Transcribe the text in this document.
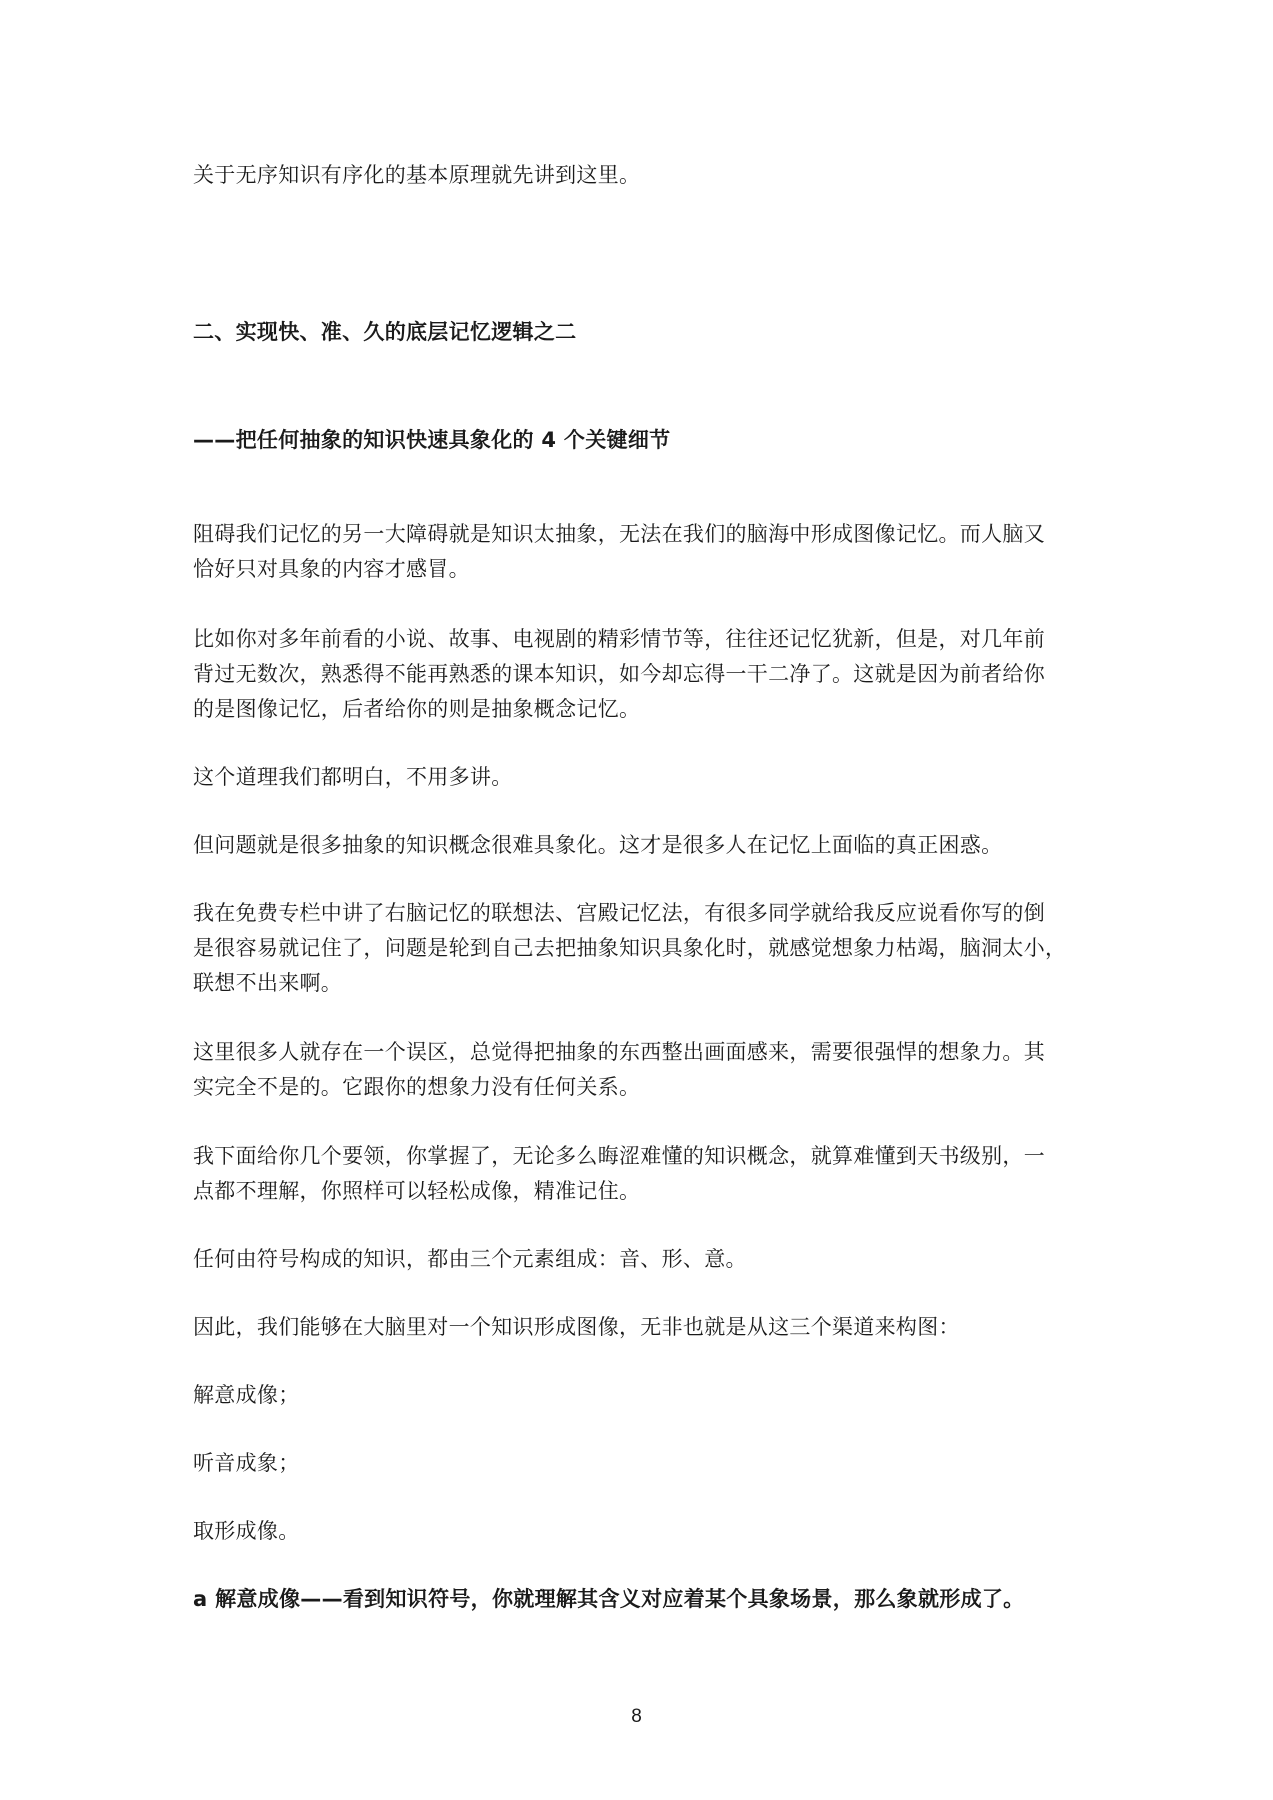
关于无序知识有序化的基本原理就先讲到这里。
二、实现快、准、久的底层记忆逻辑之二
——把任何抽象的知识快速具象化的 4 个关键细节
阻碍我们记忆的另一大障碍就是知识太抽象，无法在我们的脑海中形成图像记忆。而人脑又
恰好只对具象的内容才感冒。
比如你对多年前看的小说、故事、电视剧的精彩情节等，往往还记忆犹新，但是，对几年前
背过无数次，熟悉得不能再熟悉的课本知识，如今却忘得一干二净了。这就是因为前者给你
的是图像记忆，后者给你的则是抽象概念记忆。
这个道理我们都明白，不用多讲。
但问题就是很多抽象的知识概念很难具象化。这才是很多人在记忆上面临的真正困惑。
我在免费专栏中讲了右脑记忆的联想法、宫殿记忆法，有很多同学就给我反应说看你写的倒
是很容易就记住了，问题是轮到自己去把抽象知识具象化时，就感觉想象力枯竭，脑洞太小，
联想不出来啊。
这里很多人就存在一个误区，总觉得把抽象的东西整出画面感来，需要很强悍的想象力。其
实完全不是的。它跟你的想象力没有任何关系。
我下面给你几个要领，你掌握了，无论多么晦涩难懂的知识概念，就算难懂到天书级别，一
点都不理解，你照样可以轻松成像，精准记住。
任何由符号构成的知识，都由三个元素组成：音、形、意。
因此，我们能够在大脑里对一个知识形成图像，无非也就是从这三个渠道来构图：
解意成像；
听音成象；
取形成像。
a 解意成像——看到知识符号，你就理解其含义对应着某个具象场景，那么象就形成了。
8
